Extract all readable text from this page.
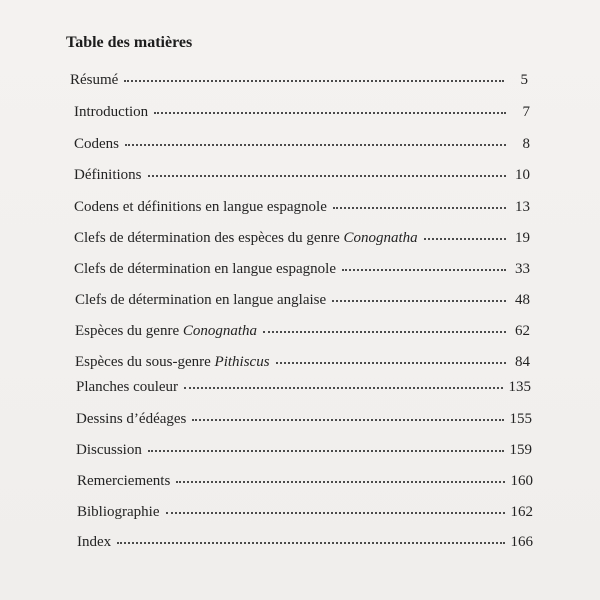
Table des matières
Résumé	5
Introduction	7
Codens	8
Définitions	10
Codens et définitions en langue espagnole	13
Clefs de détermination des espèces du genre Conognatha	19
Clefs de détermination en langue espagnole	33
Clefs de détermination en langue anglaise	48
Espèces du genre Conognatha	62
Espèces du sous-genre Pithiscus	84
Planches couleur	135
Dessins d’édéages	155
Discussion	159
Remerciements	160
Bibliographie	162
Index	166
